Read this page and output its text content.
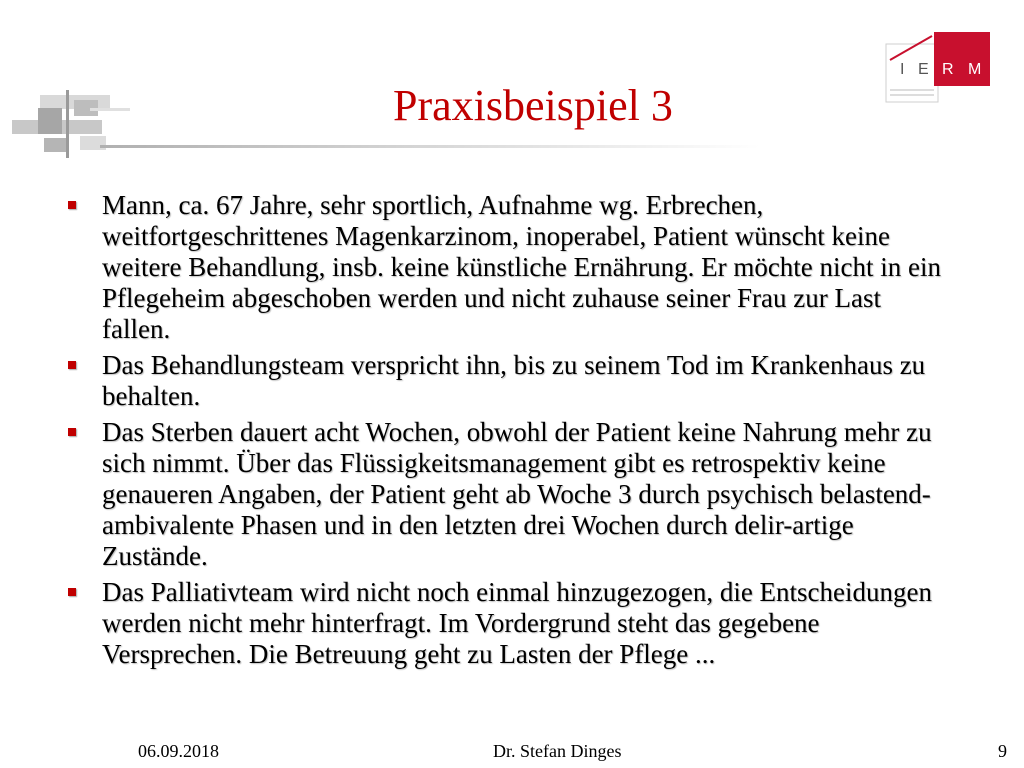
Praxisbeispiel 3
I E R M
Mann, ca. 67 Jahre, sehr sportlich, Aufnahme wg. Erbrechen, weitfortgeschrittenes Magenkarzinom, inoperabel, Patient wünscht keine weitere Behandlung, insb. keine künstliche Ernährung. Er möchte nicht in ein Pflegeheim abgeschoben werden und nicht zuhause seiner Frau zur Last fallen.
Das Behandlungsteam verspricht ihn, bis zu seinem Tod im Krankenhaus zu behalten.
Das Sterben dauert acht Wochen, obwohl der Patient keine Nahrung mehr zu sich nimmt. Über das Flüssigkeitsmanagement gibt es retrospektiv keine genaueren Angaben, der Patient geht ab Woche 3 durch psychisch belastend-ambivalente Phasen und in den letzten drei Wochen durch delir-artige Zustände.
Das Palliativteam wird nicht noch einmal hinzugezogen, die Entscheidungen werden nicht mehr hinterfragt. Im Vordergrund steht das gegebene Versprechen. Die Betreuung geht zu Lasten der Pflege ...
06.09.2018	Dr. Stefan Dinges	9
